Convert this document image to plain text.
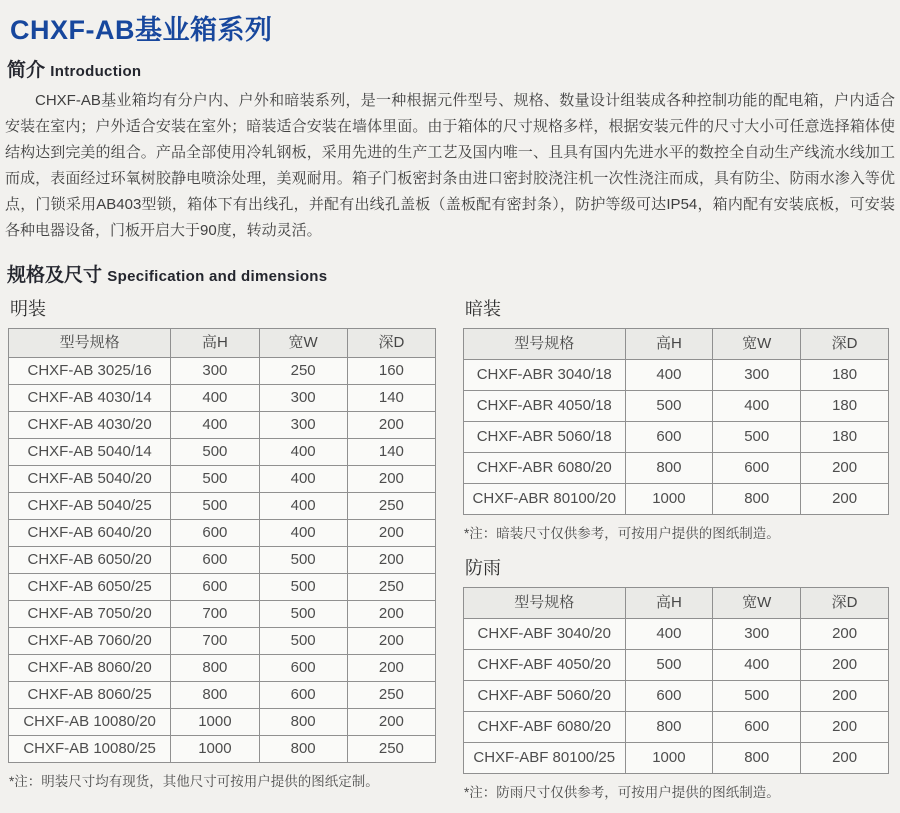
CHXF-AB基业箱系列
简介 Introduction

CHXF-AB基业箱均有分户内、户外和暗装系列，是一种根据元件型号、规格、数量设计组装成各种控制功能的配电箱，户内适合安装在室内；户外适合安装在室外；暗装适合安装在墙体里面。由于箱体的尺寸规格多样，根据安装元件的尺寸大小可任意选择箱体使结构达到完美的组合。产品全部使用冷轧钢板，采用先进的生产工艺及国内唯一、且具有国内先进水平的数控全自动生产线流水线加工而成，表面经过环氧树胶静电喷涂处理，美观耐用。箱子门板密封条由进口密封胶浇注机一次性浇注而成，具有防尘、防雨水渗入等优点，门锁采用AB403型锁，箱体下有出线孔，并配有出线孔盖板（盖板配有密封条），防护等级可达IP54，箱内配有安装底板，可安装各种电器设备，门板开启大于90度，转动灵活。

规格及尺寸 Specification and dimensions
明装
型号规格	高H	宽W	深D
CHXF-AB 3025/16	300	250	160
CHXF-AB 4030/14	400	300	140
CHXF-AB 4030/20	400	300	200
CHXF-AB 5040/14	500	400	140
CHXF-AB 5040/20	500	400	200
CHXF-AB 5040/25	500	400	250
CHXF-AB 6040/20	600	400	200
CHXF-AB 6050/20	600	500	200
CHXF-AB 6050/25	600	500	250
CHXF-AB 7050/20	700	500	200
CHXF-AB 7060/20	700	500	200
CHXF-AB 8060/20	800	600	200
CHXF-AB 8060/25	800	600	250
CHXF-AB 10080/20	1000	800	200
CHXF-AB 10080/25	1000	800	250
*注：明装尺寸均有现货，其他尺寸可按用户提供的图纸定制。
暗装
型号规格	高H	宽W	深D
CHXF-ABR 3040/18	400	300	180
CHXF-ABR 4050/18	500	400	180
CHXF-ABR 5060/18	600	500	180
CHXF-ABR 6080/20	800	600	200
CHXF-ABR 80100/20	1000	800	200
*注：暗装尺寸仅供参考，可按用户提供的图纸制造。
防雨
型号规格	高H	宽W	深D
CHXF-ABF 3040/20	400	300	200
CHXF-ABF 4050/20	500	400	200
CHXF-ABF 5060/20	600	500	200
CHXF-ABF 6080/20	800	600	200
CHXF-ABF 80100/25	1000	800	200
*注：防雨尺寸仅供参考，可按用户提供的图纸制造。
